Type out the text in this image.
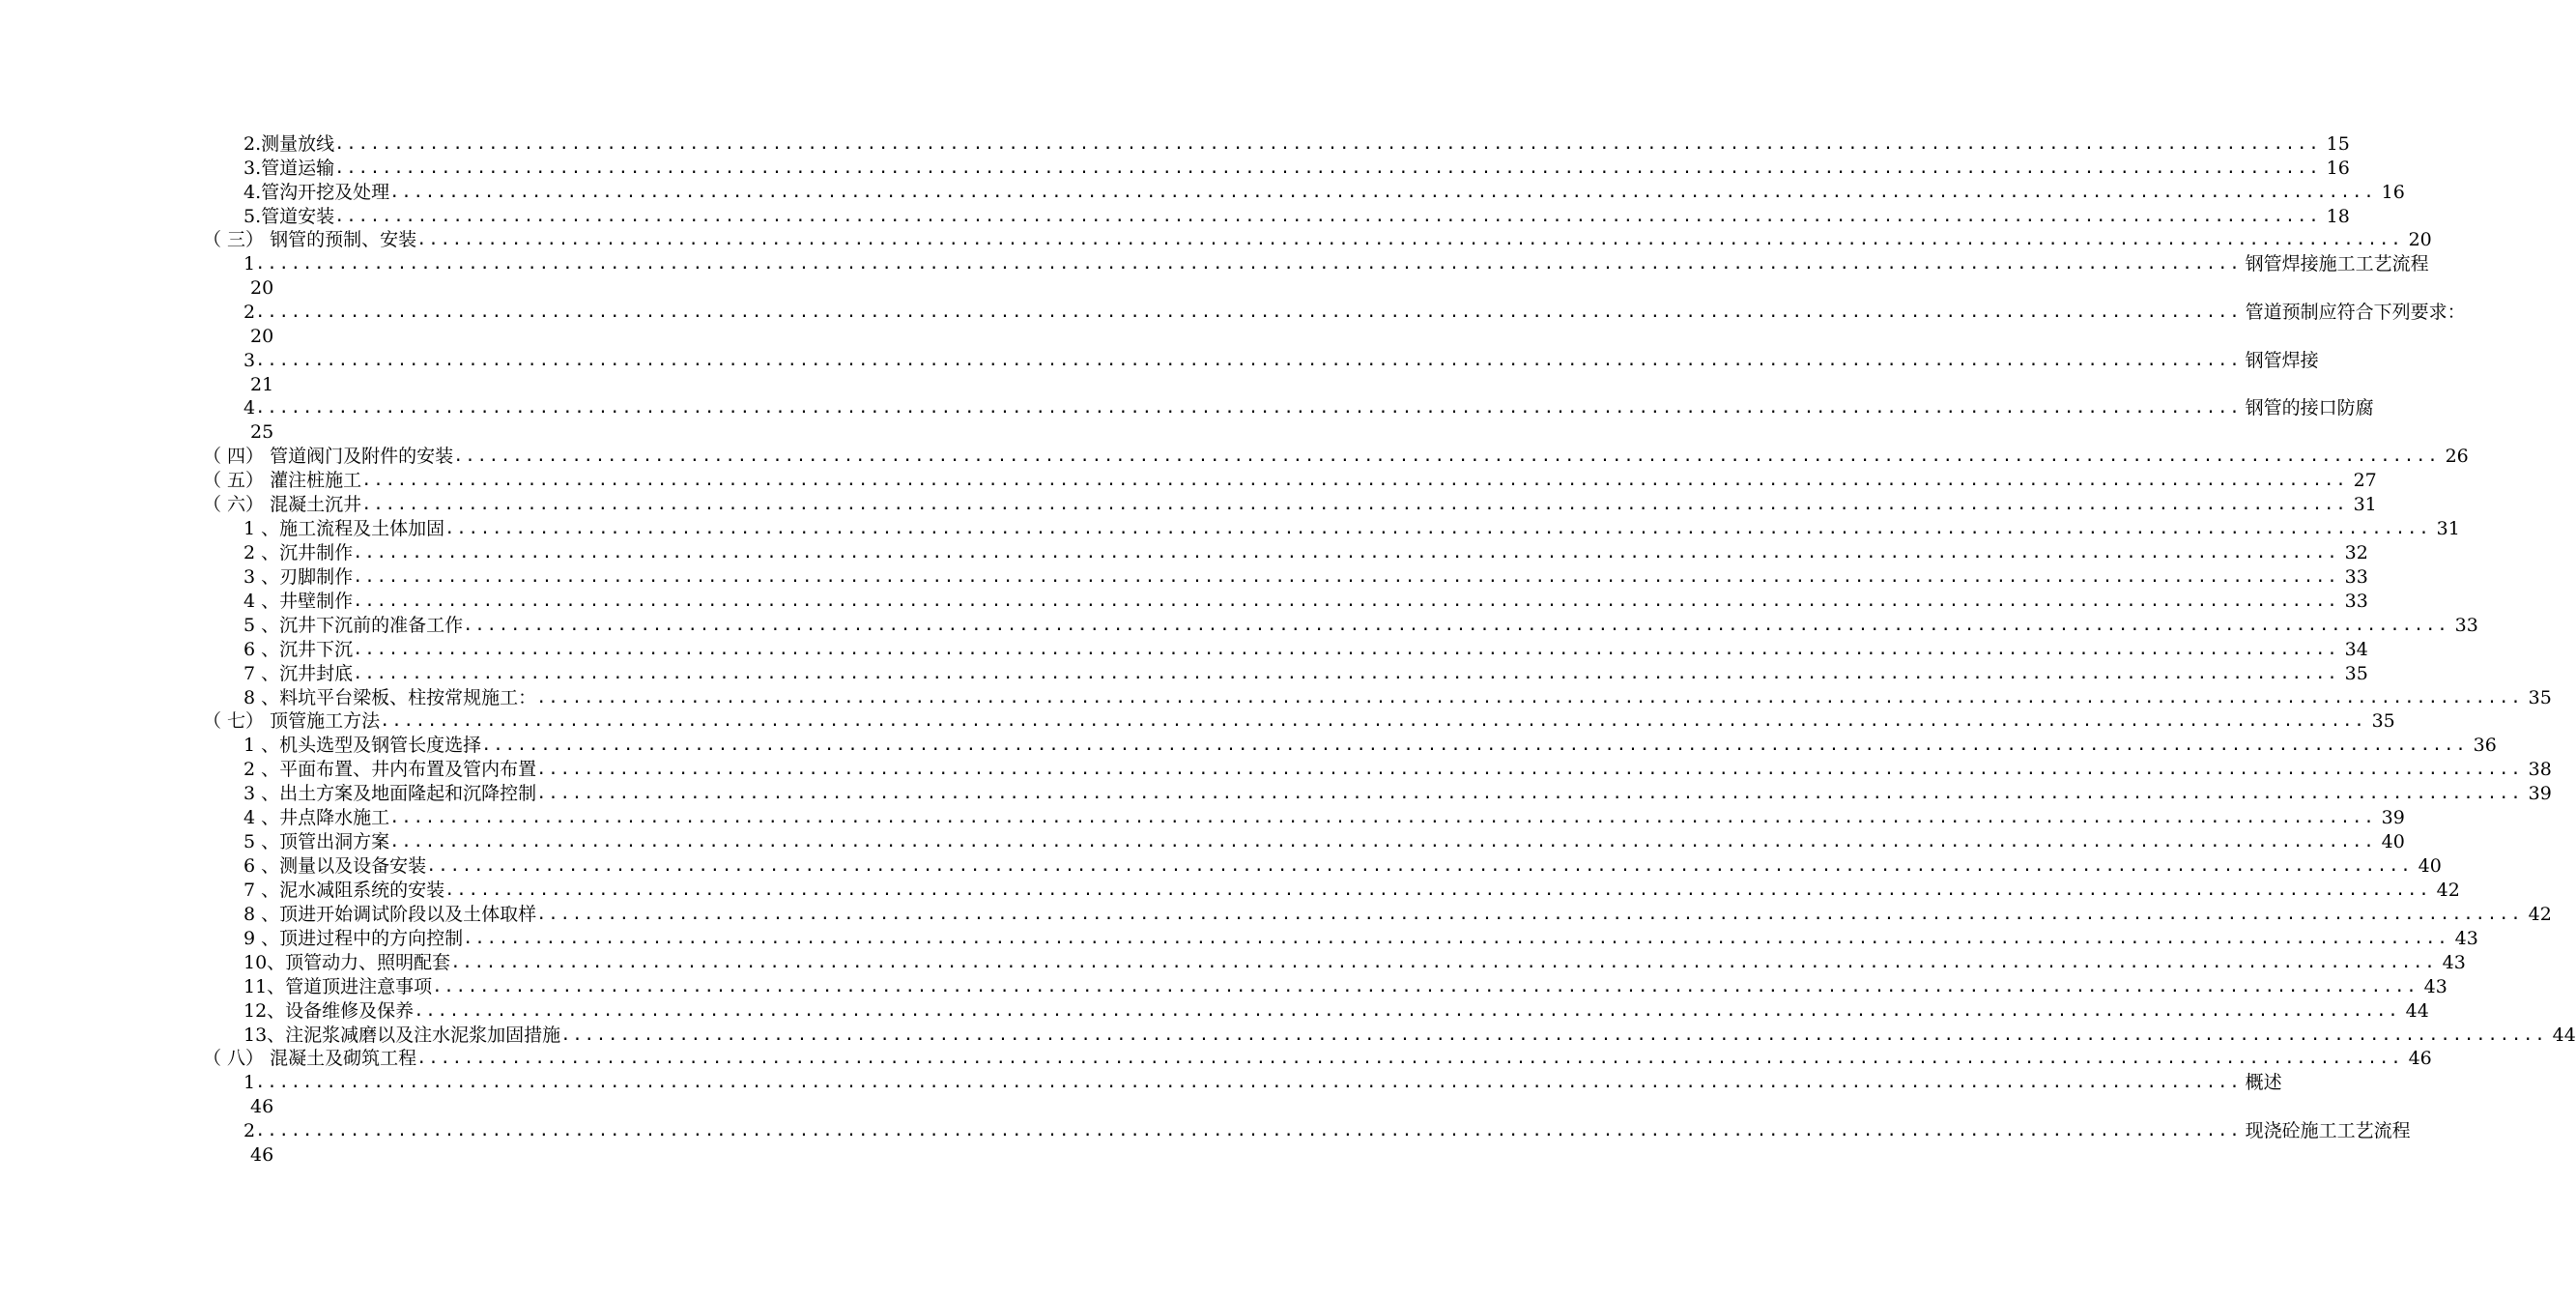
2.测量放线 ........................................................................................................................................................................ 15
3.管道运输 ........................................................................................................................................................................ 16
4.管沟开挖及处理 ........................................................................................................................................................................ 16
5.管道安装 ........................................................................................................................................................................ 18
（ 三） 钢管的预制、安装 ........................................................................................................................................................................ 20
1 ........................................................................................................................................................................ 钢管焊接施工工艺流程
20
2 ........................................................................................................................................................................ 管道预制应符合下列要求：
20
3 ........................................................................................................................................................................ 钢管焊接
21
4 ........................................................................................................................................................................ 钢管的接口防腐
25
（ 四） 管道阀门及附件的安装 ........................................................................................................................................................................ 26
（ 五） 灌注桩施工 ........................................................................................................................................................................ 27
（ 六） 混凝土沉井 ........................................................................................................................................................................ 31
1 、施工流程及土体加固 ........................................................................................................................................................................ 31
2 、沉井制作 ........................................................................................................................................................................ 32
3 、刃脚制作 ........................................................................................................................................................................ 33
4 、井壁制作 ........................................................................................................................................................................ 33
5 、沉井下沉前的准备工作 ........................................................................................................................................................................ 33
6 、沉井下沉 ........................................................................................................................................................................ 34
7 、沉井封底 ........................................................................................................................................................................ 35
8 、料坑平台梁板、柱按常规施工： ........................................................................................................................................................................ 35
（ 七） 顶管施工方法 ........................................................................................................................................................................ 35
1 、机头选型及钢管长度选择 ........................................................................................................................................................................ 36
2 、平面布置、井内布置及管内布置 ........................................................................................................................................................................ 38
3 、出土方案及地面隆起和沉降控制 ........................................................................................................................................................................ 39
4 、井点降水施工 ........................................................................................................................................................................ 39
5 、顶管出洞方案 ........................................................................................................................................................................ 40
6 、测量以及设备安装 ........................................................................................................................................................................ 40
7 、泥水减阻系统的安装 ........................................................................................................................................................................ 42
8 、顶进开始调试阶段以及土体取样 ........................................................................................................................................................................ 42
9 、顶进过程中的方向控制 ........................................................................................................................................................................ 43
10、顶管动力、照明配套 ........................................................................................................................................................................ 43
11、管道顶进注意事项 ........................................................................................................................................................................ 43
12、设备维修及保养 ........................................................................................................................................................................ 44
13、注泥浆减磨以及注水泥浆加固措施 ........................................................................................................................................................................ 44
（ 八） 混凝土及砌筑工程 ........................................................................................................................................................................ 46
1 ........................................................................................................................................................................ 概述
46
2 ........................................................................................................................................................................ 现浇砼施工工艺流程
46
